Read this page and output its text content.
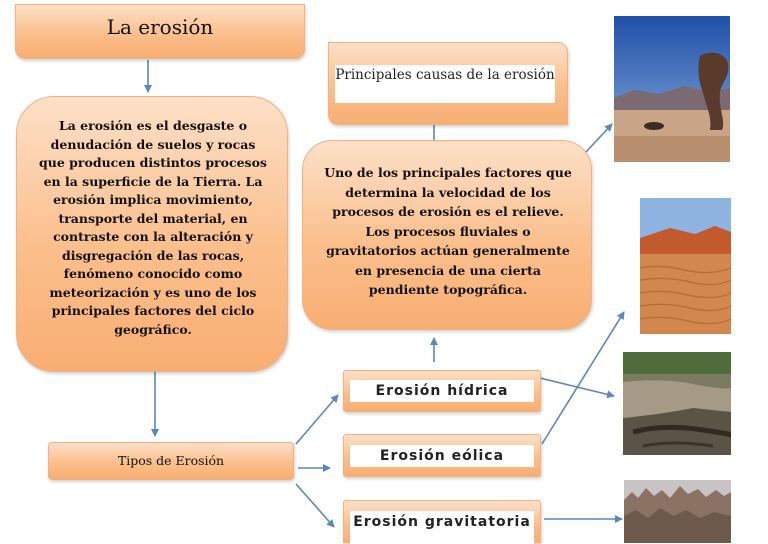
La erosión
La erosión es el desgaste o denudación de suelos y rocas que producen distintos procesos en la superficie de la Tierra. La erosión implica movimiento, transporte del material, en contraste con la alteración y disgregación de las rocas, fenómeno conocido como meteorización y es uno de los principales factores del ciclo geográfico.
Principales causas de la erosión
Uno de los principales factores que determina la velocidad de los procesos de erosión es el relieve. Los procesos fluviales o gravitatorios actúan generalmente en presencia de una cierta pendiente topográfica.
Tipos de Erosión
Erosión hídrica
Erosión eólica
Erosión gravitatoria
